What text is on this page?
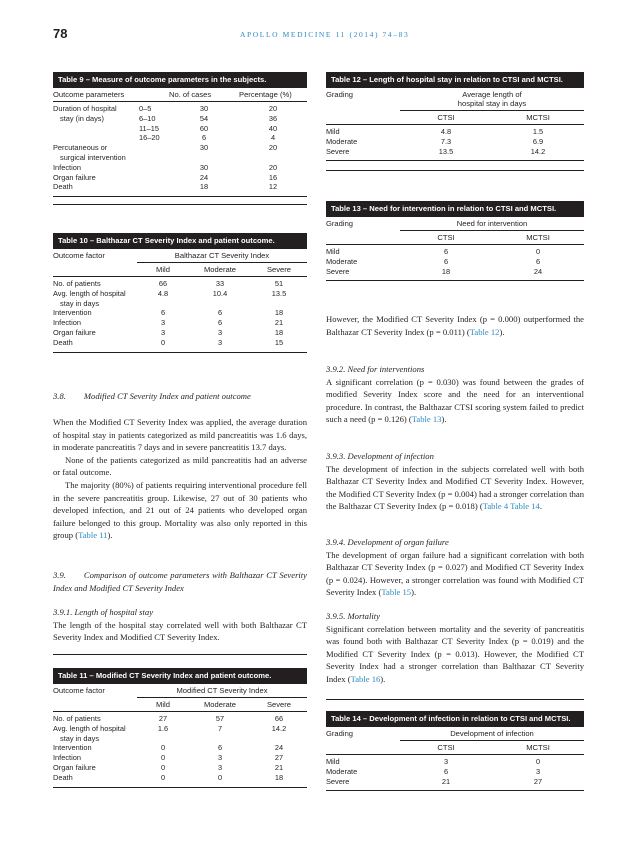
78	APOLLO MEDICINE 11 (2014) 74–83
Table 9 – Measure of outcome parameters in the subjects.
Outcome parameters		No. of cases	Percentage (%)

Duration of hospital	0–5	30	20
stay (in days)	6–10	54	36
	11–15	60	40
	16–20	6	4
Percutaneous or		30	20
surgical intervention			
Infection		30	20
Organ failure		24	16
Death		18	12

Table 10 – Balthazar CT Severity Index and patient outcome.
Outcome factor	Balthazar CT Severity Index		
	Mild	Moderate	Severe

No. of patients	66	33	51
Avg. length of hospital	4.8	10.4	13.5
stay in days			
Intervention	6	6	18
Infection	3	6	21
Organ failure	3	3	18
Death	0	3	15

3.8. Modified CT Severity Index and patient outcome

When the Modified CT Severity Index was applied, the average duration of hospital stay in patients categorized as mild pancreatitis was 1.6 days, in moderate pancreatitis 7 days and in severe pancreatitis 13.7 days.

None of the patients categorized as mild pancreatitis had an adverse or fatal outcome.

The majority (80%) of patients requiring interventional procedure fell in the severe pancreatitis group. Likewise, 27 out of 30 patients who developed infection, and 21 out of 24 patients who developed organ failure belonged to this group. Mortality was also only reported in this group (Table 11).

3.9. Comparison of outcome parameters with Balthazar CT Severity Index and Modified CT Severity Index

3.9.1. Length of hospital stay

The length of the hospital stay correlated well with both Balthazar CT Severity Index and Modified CT Severity Index.

Table 11 – Modified CT Severity Index and patient outcome.
Outcome factor	Modified CT Severity Index		
	Mild	Moderate	Severe

No. of patients	27	57	66
Avg. length of hospital	1.6	7	14.2
stay in days			
Intervention	0	6	24
Infection	0	3	27
Organ failure	0	3	21
Death	0	0	18

Table 12 – Length of hospital stay in relation to CTSI and MCTSI.
Grading	Average length of
hospital stay in days	
	CTSI	MCTSI

Mild	4.8	1.5
Moderate	7.3	6.9
Severe	13.5	14.2

Table 13 – Need for intervention in relation to CTSI and MCTSI.
Grading	Need for intervention	
	CTSI	MCTSI

Mild	6	0
Moderate	6	6
Severe	18	24

However, the Modified CT Severity Index (p = 0.000) outperformed the Balthazar CT Severity Index (p = 0.011) (Table 12).

3.9.2. Need for interventions

A significant correlation (p = 0.030) was found between the grades of modified Severity Index score and the need for an interventional procedure. In contrast, the Balthazar CTSI scoring system failed to predict such a need (p = 0.126) (Table 13).

3.9.3. Development of infection

The development of infection in the subjects correlated well with both Balthazar CT Severity Index and Modified CT Severity Index. However, the Modified CT Severity Index (p = 0.004) had a stronger correlation than the Balthazar CT Severity Index (p = 0.018) (Table 4 Table 14.

3.9.4. Development of organ failure

The development of organ failure had a significant correlation with both Balthazar CT Severity Index (p = 0.027) and Modified CT Severity Index (p = 0.024). However, a stronger correlation was found with Modified CT Severity Index (Table 15).

3.9.5. Mortality

Significant correlation between mortality and the severity of pancreatitis was found both with Balthazar CT Severity Index (p = 0.019) and the Modified CT Severity Index (p = 0.013). However, the Modified CT Severity Index had a stronger correlation than Balthazar CT Severity Index (Table 16).

Table 14 – Development of infection in relation to CTSI and MCTSI.
Grading	Development of infection	
	CTSI	MCTSI

Mild	3	0
Moderate	6	3
Severe	21	27
